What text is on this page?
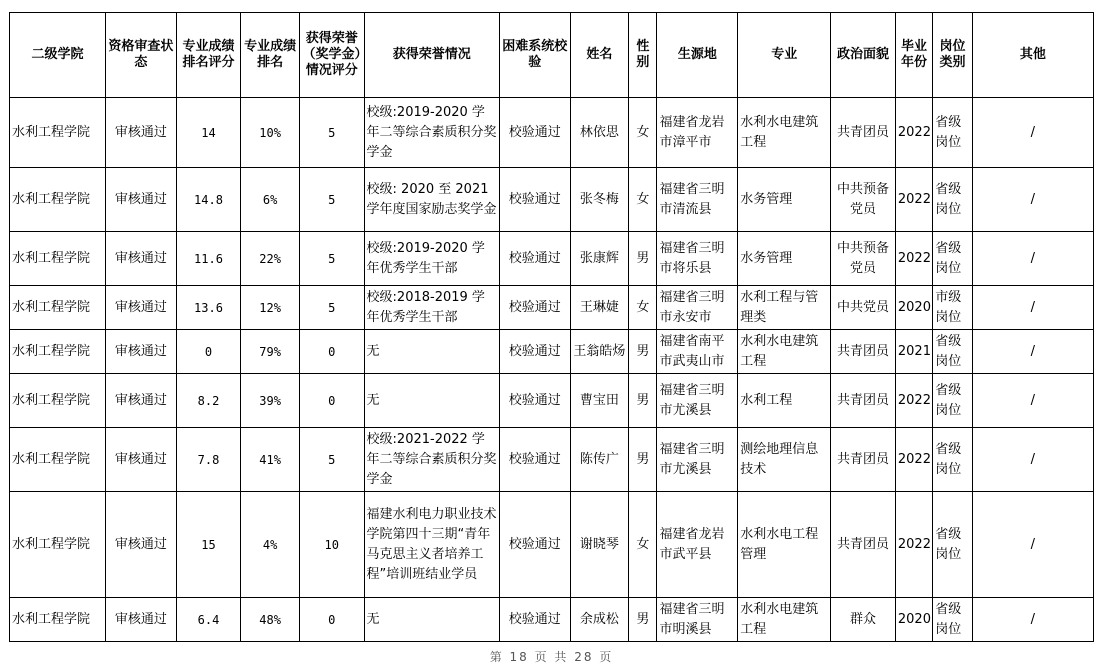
二级学院	资格审查状态	专业成绩排名评分	专业成绩排名	获得荣誉（奖学金）情况评分	获得荣誉情况	困难系统校验	姓名	性别	生源地	专业	政治面貌	毕业年份	岗位类别	其他
水利工程学院	审核通过	14	10%	5	校级:2019-2020 学年二等综合素质积分奖学金	校验通过	林依思	女	福建省龙岩市漳平市	水利水电建筑工程	共青团员	2022	省级岗位	/
水利工程学院	审核通过	14.8	6%	5	校级: 2020 至 2021 学年度国家励志奖学金	校验通过	张冬梅	女	福建省三明市清流县	水务管理	中共预备党员	2022	省级岗位	/
水利工程学院	审核通过	11.6	22%	5	校级:2019-2020 学年优秀学生干部	校验通过	张康辉	男	福建省三明市将乐县	水务管理	中共预备党员	2022	省级岗位	/
水利工程学院	审核通过	13.6	12%	5	校级:2018-2019 学年优秀学生干部	校验通过	王琳婕	女	福建省三明市永安市	水利工程与管理类	中共党员	2020	市级岗位	/
水利工程学院	审核通过	0	79%	0	无	校验通过	王翁皓炀	男	福建省南平市武夷山市	水利水电建筑工程	共青团员	2021	省级岗位	/
水利工程学院	审核通过	8.2	39%	0	无	校验通过	曹宝田	男	福建省三明市尤溪县	水利工程	共青团员	2022	省级岗位	/
水利工程学院	审核通过	7.8	41%	5	校级:2021-2022 学年二等综合素质积分奖学金	校验通过	陈传广	男	福建省三明市尤溪县	测绘地理信息技术	共青团员	2022	省级岗位	/
水利工程学院	审核通过	15	4%	10	福建水利电力职业技术学院第四十三期“青年马克思主义者培养工程”培训班结业学员	校验通过	谢晓琴	女	福建省龙岩市武平县	水利水电工程管理	共青团员	2022	省级岗位	/
水利工程学院	审核通过	6.4	48%	0	无	校验通过	余成松	男	福建省三明市明溪县	水利水电建筑工程	群众	2020	省级岗位	/
第 18 页 共 28 页
